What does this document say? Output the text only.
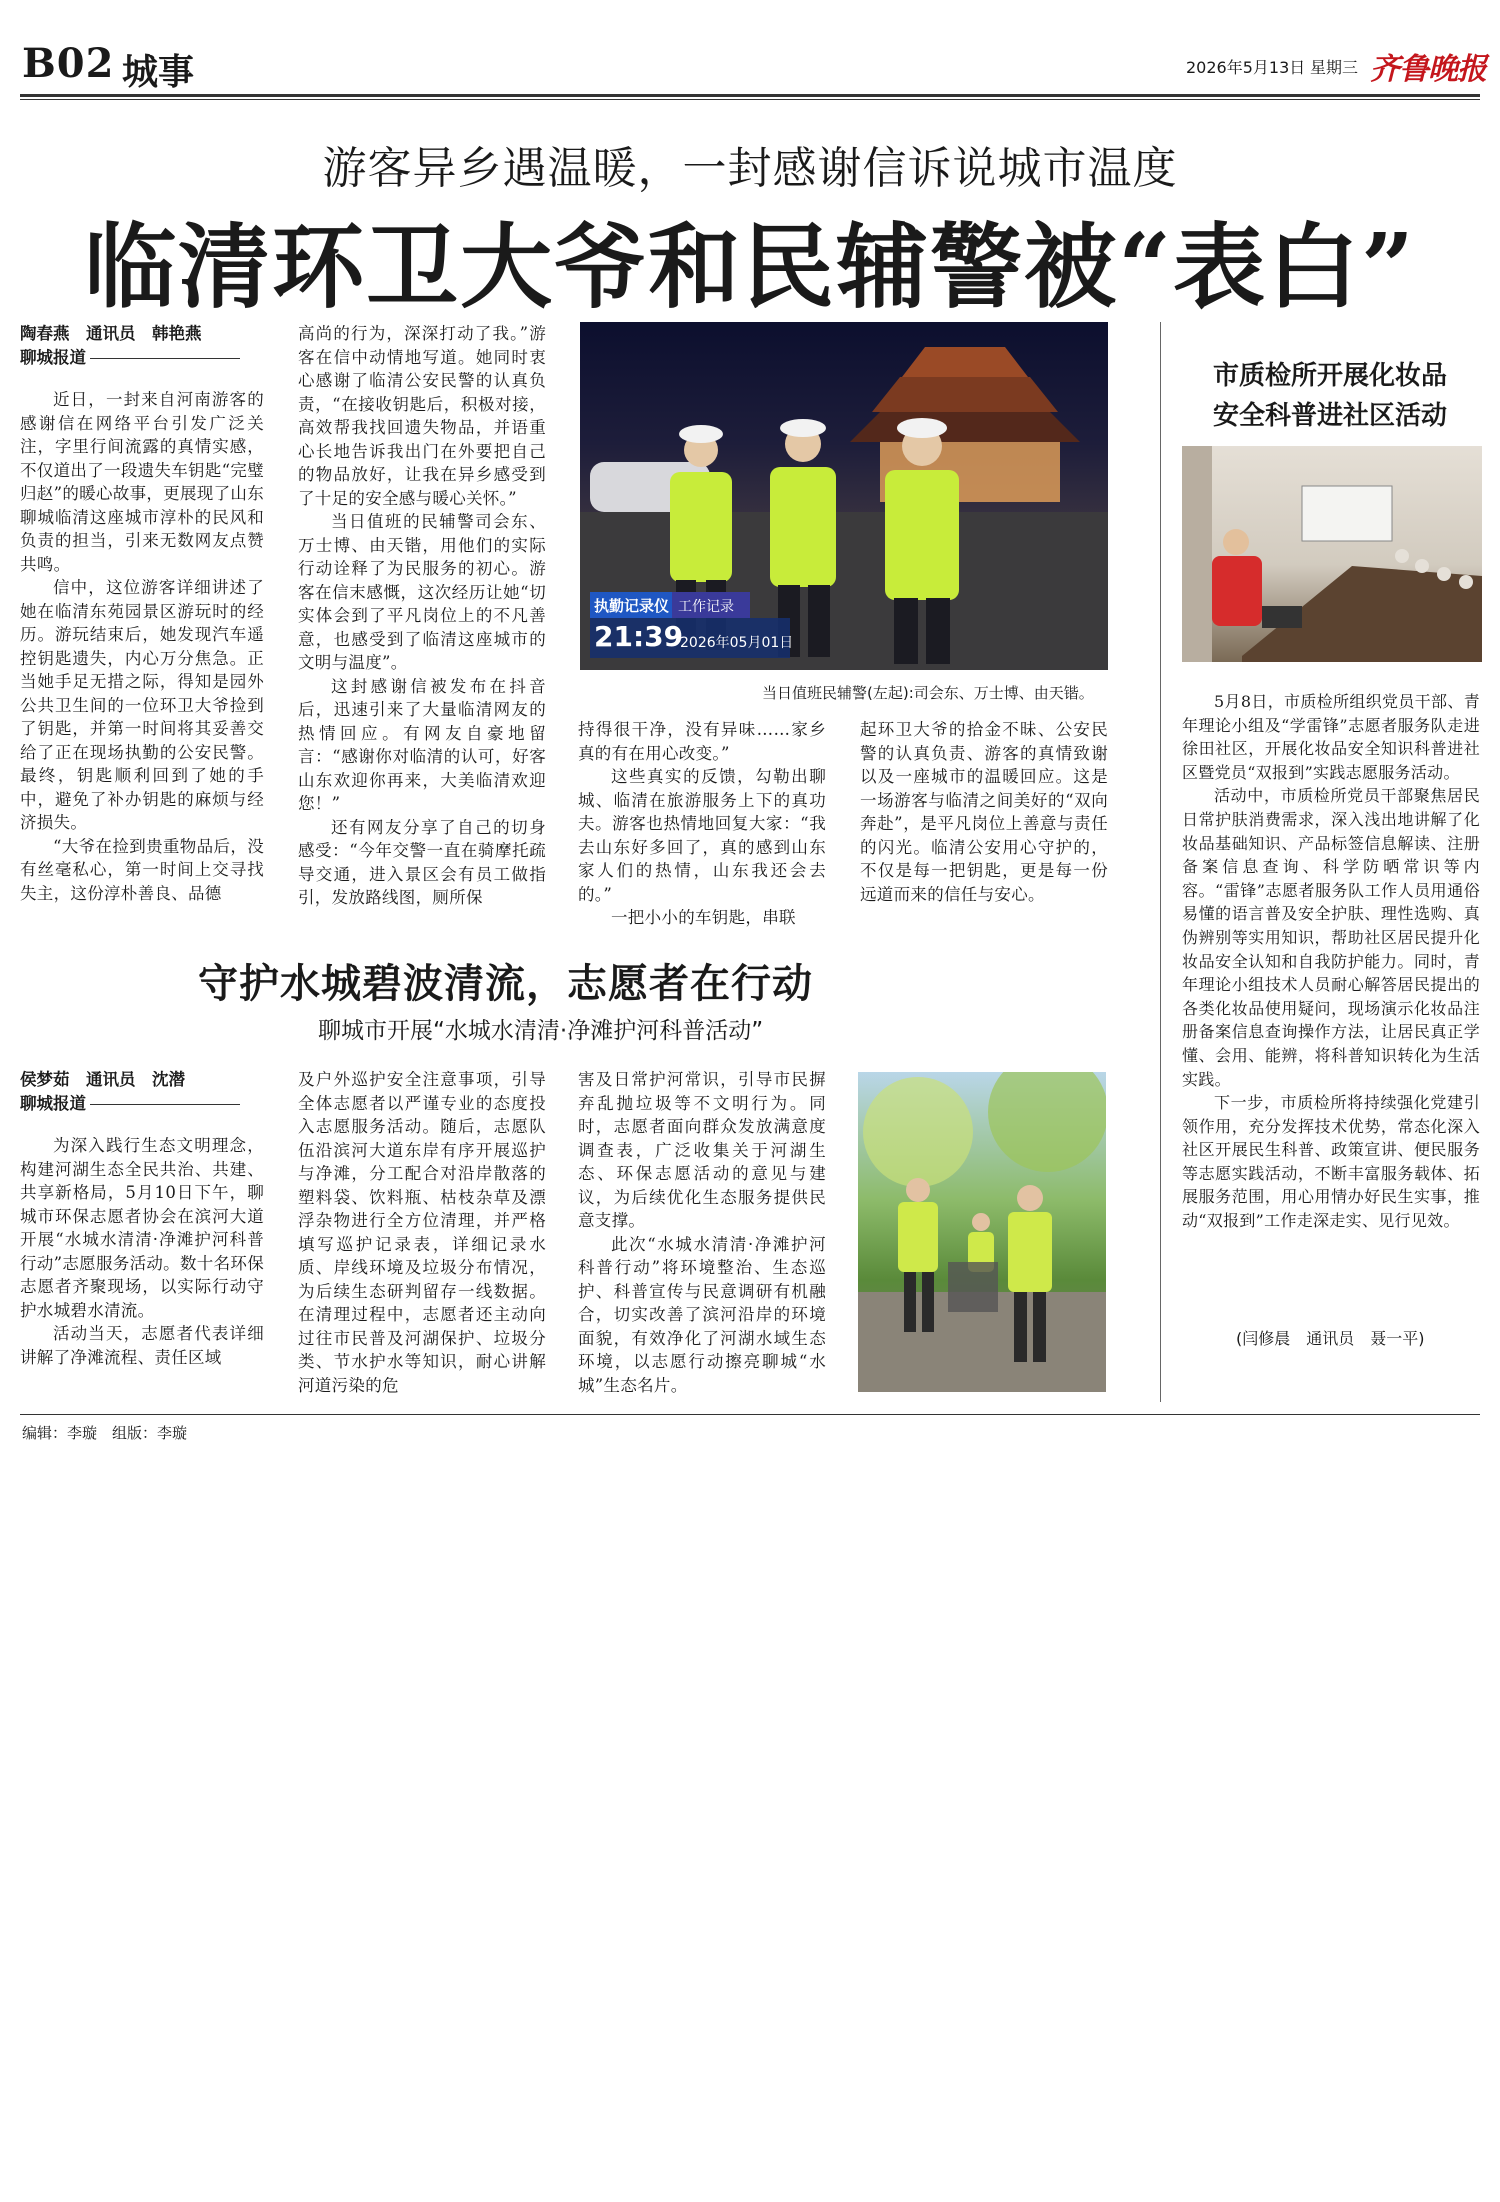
B02 城事	2026年5月13日 星期三 齐鲁晚报
游客异乡遇温暖，一封感谢信诉说城市温度
临清环卫大爷和民辅警被“表白”
陶春燕　通讯员　韩艳燕
聊城报道

近日，一封来自河南游客的感谢信在网络平台引发广泛关注，字里行间流露的真情实感，不仅道出了一段遗失车钥匙“完璧归赵”的暖心故事，更展现了山东聊城临清这座城市淳朴的民风和负责的担当，引来无数网友点赞共鸣。

信中，这位游客详细讲述了她在临清东苑园景区游玩时的经历。游玩结束后，她发现汽车遥控钥匙遗失，内心万分焦急。正当她手足无措之际，得知是园外公共卫生间的一位环卫大爷捡到了钥匙，并第一时间将其妥善交给了正在现场执勤的公安民警。最终，钥匙顺利回到了她的手中，避免了补办钥匙的麻烦与经济损失。

“大爷在捡到贵重物品后，没有丝毫私心，第一时间上交寻找失主，这份淳朴善良、品德

高尚的行为，深深打动了我。”游客在信中动情地写道。她同时衷心感谢了临清公安民警的认真负责，“在接收钥匙后，积极对接，高效帮我找回遗失物品，并语重心长地告诉我出门在外要把自己的物品放好，让我在异乡感受到了十足的安全感与暖心关怀。”

当日值班的民辅警司会东、万士博、由天锴，用他们的实际行动诠释了为民服务的初心。游客在信末感慨，这次经历让她“切实体会到了平凡岗位上的不凡善意，也感受到了临清这座城市的文明与温度”。

这封感谢信被发布在抖音后，迅速引来了大量临清网友的热情回应。有网友自豪地留言：“感谢你对临清的认可，好客山东欢迎你再来，大美临清欢迎您！”

还有网友分享了自己的切身感受：“今年交警一直在骑摩托疏导交通，进入景区会有员工做指引，发放路线图，厕所保

持得很干净，没有异味……家乡真的有在用心改变。”

这些真实的反馈，勾勒出聊城、临清在旅游服务上下的真功夫。游客也热情地回复大家：“我去山东好多回了，真的感到山东家人们的热情，山东我还会去的。”

一把小小的车钥匙，串联

起环卫大爷的拾金不昧、公安民警的认真负责、游客的真情致谢以及一座城市的温暖回应。这是一场游客与临清之间美好的“双向奔赴”，是平凡岗位上善意与责任的闪光。临清公安用心守护的，不仅是每一把钥匙，更是每一份远道而来的信任与安心。

执勤记录仪 工作记录
21:39
2026年05月01日
当日值班民辅警(左起):司会东、万士博、由天锴。
守护水城碧波清流，志愿者在行动
聊城市开展“水城水清清·净滩护河科普活动”
侯梦茹　通讯员　沈潜
聊城报道

为深入践行生态文明理念，构建河湖生态全民共治、共建、共享新格局，5月10日下午，聊城市环保志愿者协会在滨河大道开展“水城水清清·净滩护河科普行动”志愿服务活动。数十名环保志愿者齐聚现场，以实际行动守护水城碧水清流。

活动当天，志愿者代表详细讲解了净滩流程、责任区域

及户外巡护安全注意事项，引导全体志愿者以严谨专业的态度投入志愿服务活动。随后，志愿队伍沿滨河大道东岸有序开展巡护与净滩，分工配合对沿岸散落的塑料袋、饮料瓶、枯枝杂草及漂浮杂物进行全方位清理，并严格填写巡护记录表，详细记录水质、岸线环境及垃圾分布情况，为后续生态研判留存一线数据。在清理过程中，志愿者还主动向过往市民普及河湖保护、垃圾分类、节水护水等知识，耐心讲解河道污染的危

害及日常护河常识，引导市民摒弃乱抛垃圾等不文明行为。同时，志愿者面向群众发放满意度调查表，广泛收集关于河湖生态、环保志愿活动的意见与建议，为后续优化生态服务提供民意支撑。

此次“水城水清清·净滩护河科普行动”将环境整治、生态巡护、科普宣传与民意调研有机融合，切实改善了滨河沿岸的环境面貌，有效净化了河湖水域生态环境，以志愿行动擦亮聊城“水城”生态名片。

市质检所开展化妆品
安全科普进社区活动

5月8日，市质检所组织党员干部、青年理论小组及“学雷锋”志愿者服务队走进徐田社区，开展化妆品安全知识科普进社区暨党员“双报到”实践志愿服务活动。

活动中，市质检所党员干部聚焦居民日常护肤消费需求，深入浅出地讲解了化妆品基础知识、产品标签信息解读、注册备案信息查询、科学防晒常识等内容。“雷锋”志愿者服务队工作人员用通俗易懂的语言普及安全护肤、理性选购、真伪辨别等实用知识，帮助社区居民提升化妆品安全认知和自我防护能力。同时，青年理论小组技术人员耐心解答居民提出的各类化妆品使用疑问，现场演示化妆品注册备案信息查询操作方法，让居民真正学懂、会用、能辨，将科普知识转化为生活实践。

下一步，市质检所将持续强化党建引领作用，充分发挥技术优势，常态化深入社区开展民生科普、政策宣讲、便民服务等志愿实践活动，不断丰富服务载体、拓展服务范围，用心用情办好民生实事，推动“双报到”工作走深走实、见行见效。

(闫修晨　通讯员　聂一平)
编辑：李璇　组版：李璇
